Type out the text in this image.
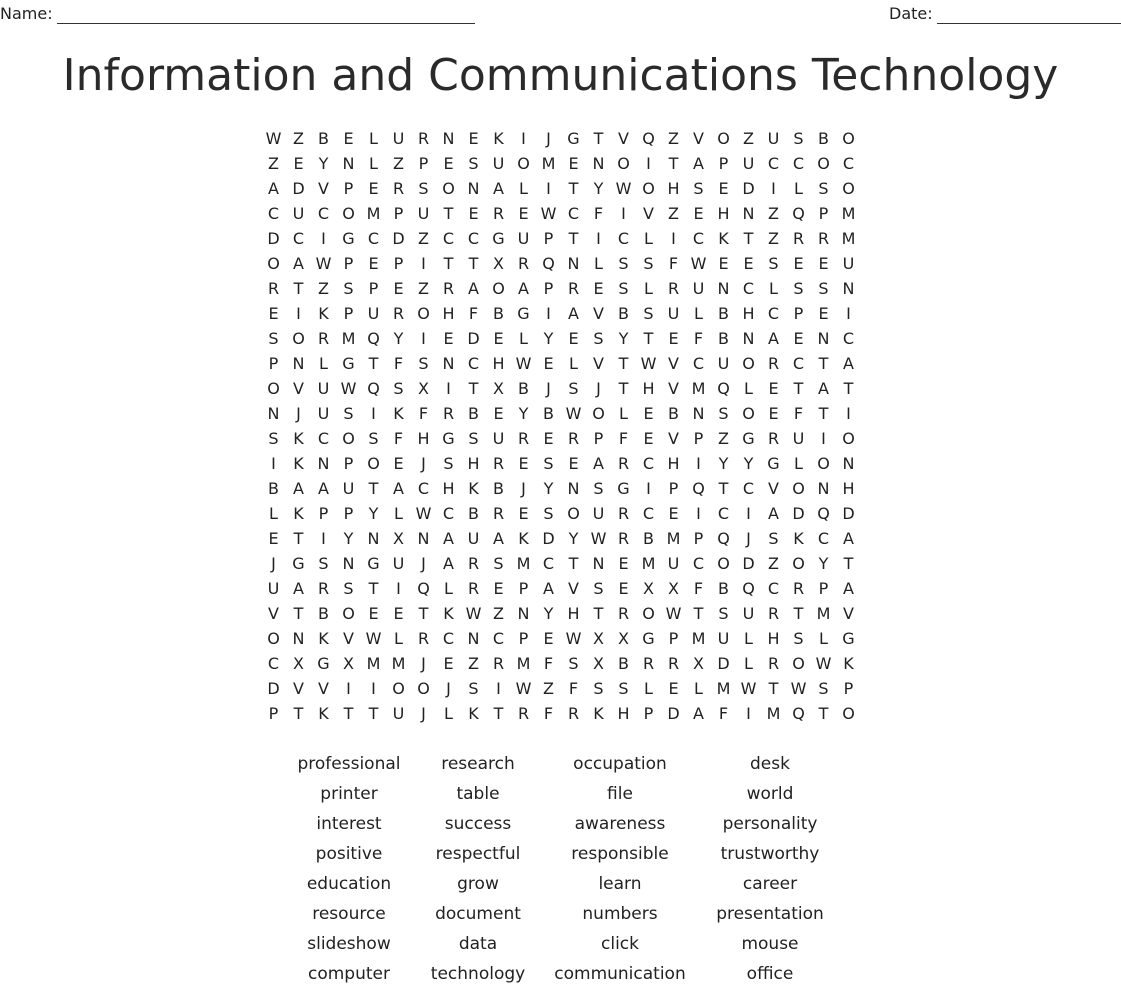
Name:	Date:
Information and Communications Technology
W Z B E L U R N E K	I	J	G T V Q Z V O Z U S B O
Z E Y N L Z P E S U O M E N O	I	T A P U C C O C
A D V P E R S O N A L	I	T Y W O H S E D	I	L S O
C U C O M P U T E R E W C F	I	V Z E H N Z Q P M
D C	I	G C D Z C C G U P T	I	C L	I	C K T Z R R M
O A W P E P	I	T T X R Q N L S S F W E E S E E U
R T Z S P E Z R A O A P R E S L R U N C L S S N
E	I	K P U R O H F B G	I	A V B S U L B H C P E	I
S O R M Q Y	I	E D E L Y E S Y T E F B N A E N C
P N L G T F S N C H W E L V T W V C U O R C T A
O V U W Q S X	I	T X B	J	S	J	T H V M Q L E T A T
N	J	U S	I	K F R B E Y B W O L E B N S O E F T	I
S K C O S F H G S U R E R P F E V P Z G R U	I	O
I	K N P O E	J	S H R E S E A R C H	I	Y Y G L O N
B A A U T A C H K B	J	Y N S G	I	P Q T C V O N H
L K P P Y L W C B R E S O U R C E	I	C	I	A D Q D
E T	I	Y N X N A U A K D Y W R B M P Q	J	S K C A
J	G S N G U	J	A R S M C T N E M U C O D Z O Y T
U A R S T	I	Q L R E P A V S E X X F B Q C R P A
V T B O E E T K W Z N Y H T R O W T S U R T M V
O N K V W L R C N C P E W X X G P M U L H S L G
C X G X M M J	E Z R M F S X B R R X D L R O W K
D V V	I	I	O O	J	S	I W Z F S S L E L M W T W S P
P T K T T U	J	L K T R F R K H P D A F	I M Q T O
professional	research	occupation	desk
printer	table	file	world
interest	success	awareness	personality
positive	respectful	responsible	trustworthy
education	grow	learn	career
resource	document	numbers	presentation
slideshow	data	click	mouse
computer	technology	communication	office
